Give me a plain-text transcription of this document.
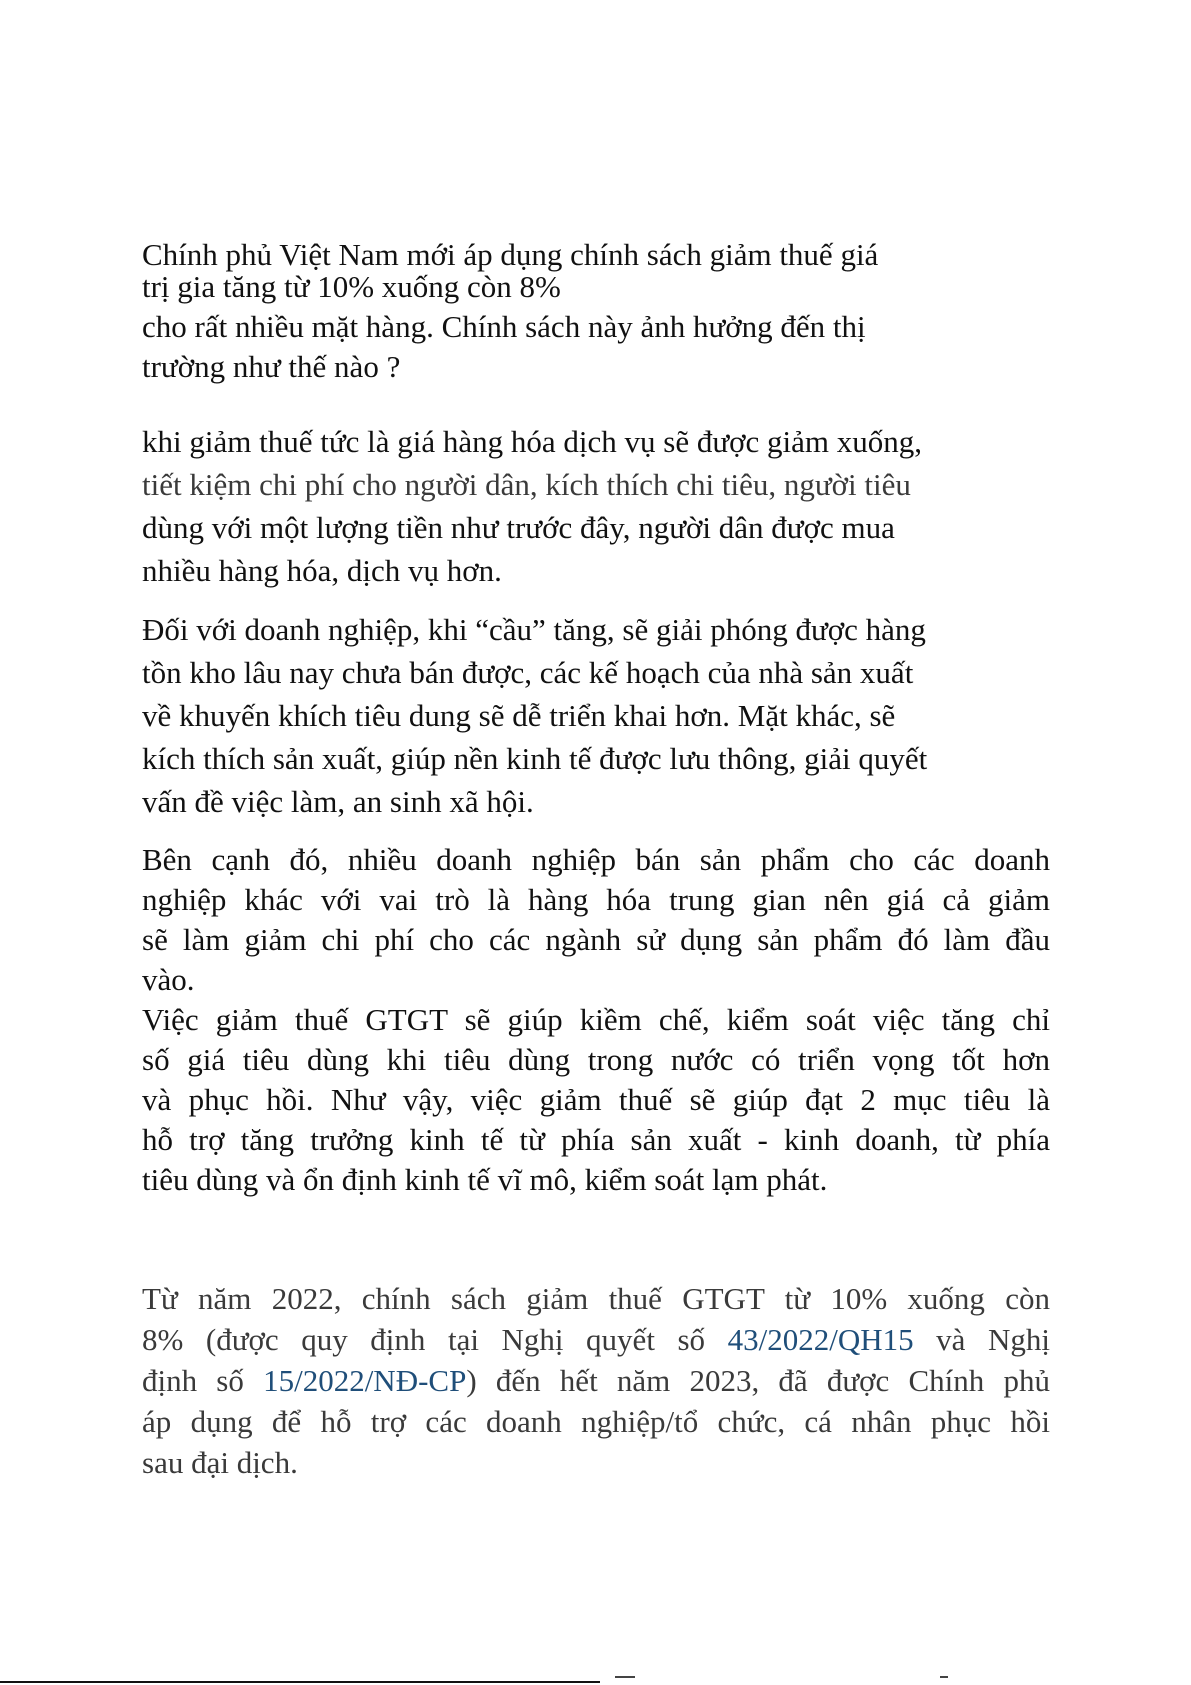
Chính phủ Việt Nam mới áp dụng chính sách giảm thuế giá
trị gia tăng từ 10% xuống còn 8%
cho rất nhiều mặt hàng. Chính sách này ảnh hưởng đến thị
trường như thế nào ?
khi giảm thuế tức là giá hàng hóa dịch vụ sẽ được giảm xuống,
tiết kiệm chi phí cho người dân, kích thích chi tiêu, người tiêu
dùng với một lượng tiền như trước đây, người dân được mua
nhiều hàng hóa, dịch vụ hơn.
Đối với doanh nghiệp, khi “cầu” tăng, sẽ giải phóng được hàng
tồn kho lâu nay chưa bán được, các kế hoạch của nhà sản xuất
về khuyến khích tiêu dung sẽ dễ triển khai hơn. Mặt khác, sẽ
kích thích sản xuất, giúp nền kinh tế được lưu thông, giải quyết
vấn đề việc làm, an sinh xã hội.
Bên cạnh đó, nhiều doanh nghiệp bán sản phẩm cho các doanh
nghiệp khác với vai trò là hàng hóa trung gian nên giá cả giảm
sẽ làm giảm chi phí cho các ngành sử dụng sản phẩm đó làm đầu
vào.
Việc giảm thuế GTGT sẽ giúp kiềm chế, kiểm soát việc tăng chỉ
số giá tiêu dùng khi tiêu dùng trong nước có triển vọng tốt hơn
và phục hồi. Như vậy, việc giảm thuế sẽ giúp đạt 2 mục tiêu là
hỗ trợ tăng trưởng kinh tế từ phía sản xuất - kinh doanh, từ phía
tiêu dùng và ổn định kinh tế vĩ mô, kiểm soát lạm phát.
Từ năm 2022, chính sách giảm thuế GTGT từ 10% xuống còn
8% (được quy định tại Nghị quyết số 43/2022/QH15 và Nghị
định số 15/2022/NĐ-CP) đến hết năm 2023, đã được Chính phủ
áp dụng để hỗ trợ các doanh nghiệp/tổ chức, cá nhân phục hồi
sau đại dịch.
